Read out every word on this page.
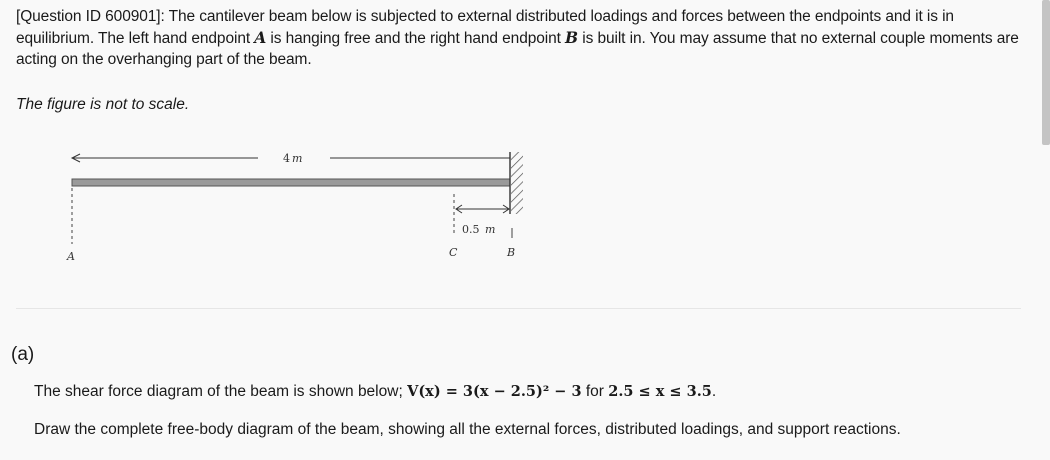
[Question ID 600901]: The cantilever beam below is subjected to external distributed loadings and forces between the endpoints and it is in equilibrium. The left hand endpoint A is hanging free and the right hand endpoint B is built in. You may assume that no external couple moments are acting on the overhanging part of the beam.

The figure is not to scale.
4 m
0.5 m
A	C	B
(a)
The shear force diagram of the beam is shown below; V(x) = 3(x − 2.5)² − 3 for 2.5 ≤ x ≤ 3.5.
Draw the complete free-body diagram of the beam, showing all the external forces, distributed loadings, and support reactions.
